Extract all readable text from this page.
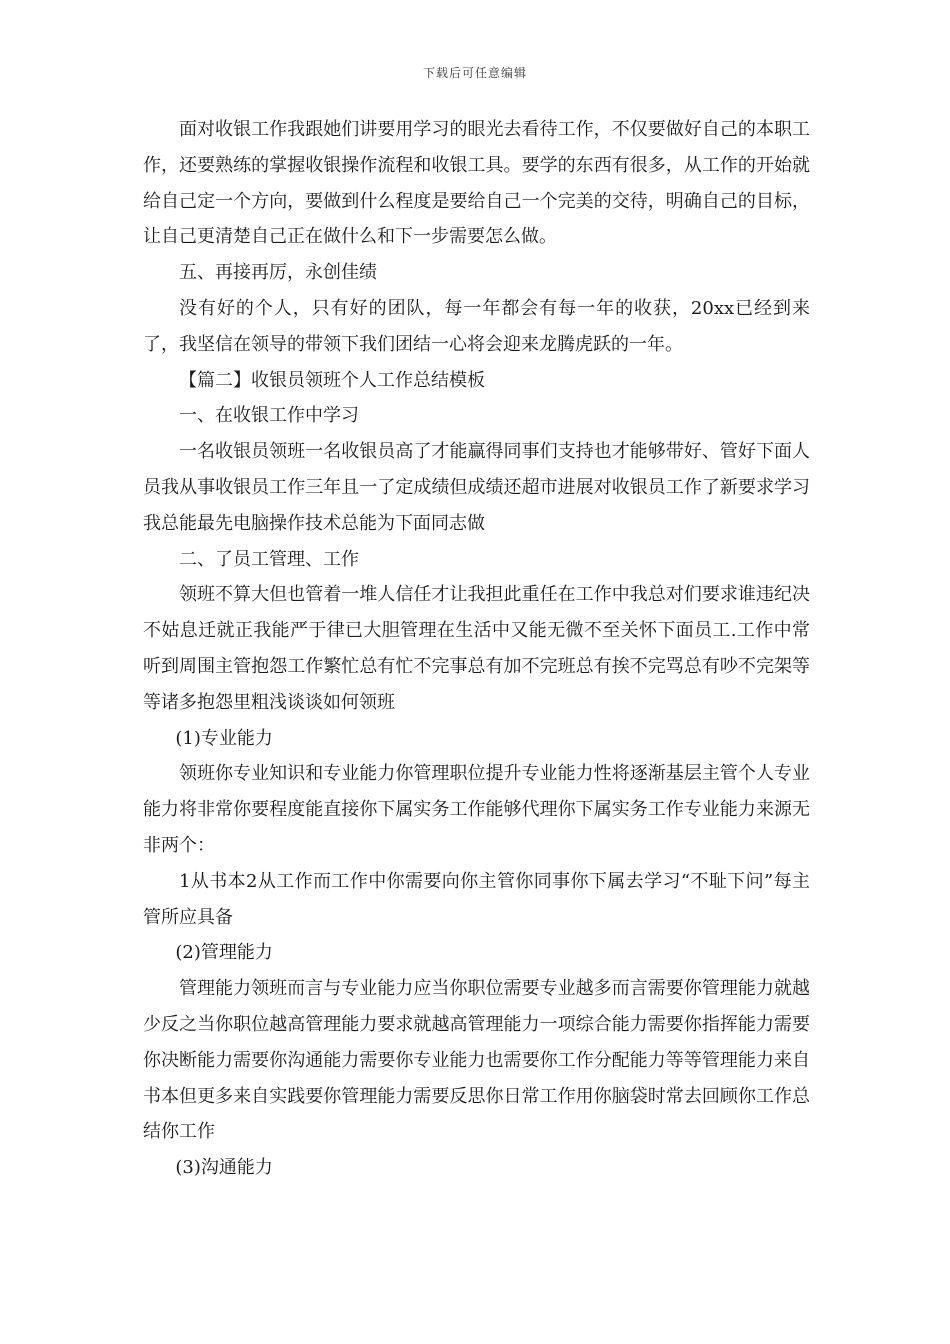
下载后可任意编辑

面对收银工作我跟她们讲要用学习的眼光去看待工作，不仅要做好自己的本职工作，还要熟练的掌握收银操作流程和收银工具。要学的东西有很多，从工作的开始就给自己定一个方向，要做到什么程度是要给自己一个完美的交待，明确自己的目标，让自己更清楚自己正在做什么和下一步需要怎么做。

五、再接再厉，永创佳绩

没有好的个人，只有好的团队，每一年都会有每一年的收获，20xx已经到来了，我坚信在领导的带领下我们团结一心将会迎来龙腾虎跃的一年。

【篇二】收银员领班个人工作总结模板

一、在收银工作中学习

一名收银员领班一名收银员高了才能赢得同事们支持也才能够带好、管好下面人员我从事收银员工作三年且一了定成绩但成绩还超市进展对收银员工作了新要求学习我总能最先电脑操作技术总能为下面同志做

二、了员工管理、工作

领班不算大但也管着一堆人信任才让我担此重任在工作中我总对们要求谁违纪决不姑息迁就正我能严于律已大胆管理在生活中又能无微不至关怀下面员工.工作中常听到周围主管抱怨工作繁忙总有忙不完事总有加不完班总有挨不完骂总有吵不完架等等诸多抱怨里粗浅谈谈如何领班

(1)专业能力

领班你专业知识和专业能力你管理职位提升专业能力性将逐渐基层主管个人专业能力将非常你要程度能直接你下属实务工作能够代理你下属实务工作专业能力来源无非两个：

1从书本2从工作而工作中你需要向你主管你同事你下属去学习“不耻下问”每主管所应具备

(2)管理能力

管理能力领班而言与专业能力应当你职位需要专业越多而言需要你管理能力就越少反之当你职位越高管理能力要求就越高管理能力一项综合能力需要你指挥能力需要你决断能力需要你沟通能力需要你专业能力也需要你工作分配能力等等管理能力来自书本但更多来自实践要你管理能力需要反思你日常工作用你脑袋时常去回顾你工作总结你工作

(3)沟通能力
